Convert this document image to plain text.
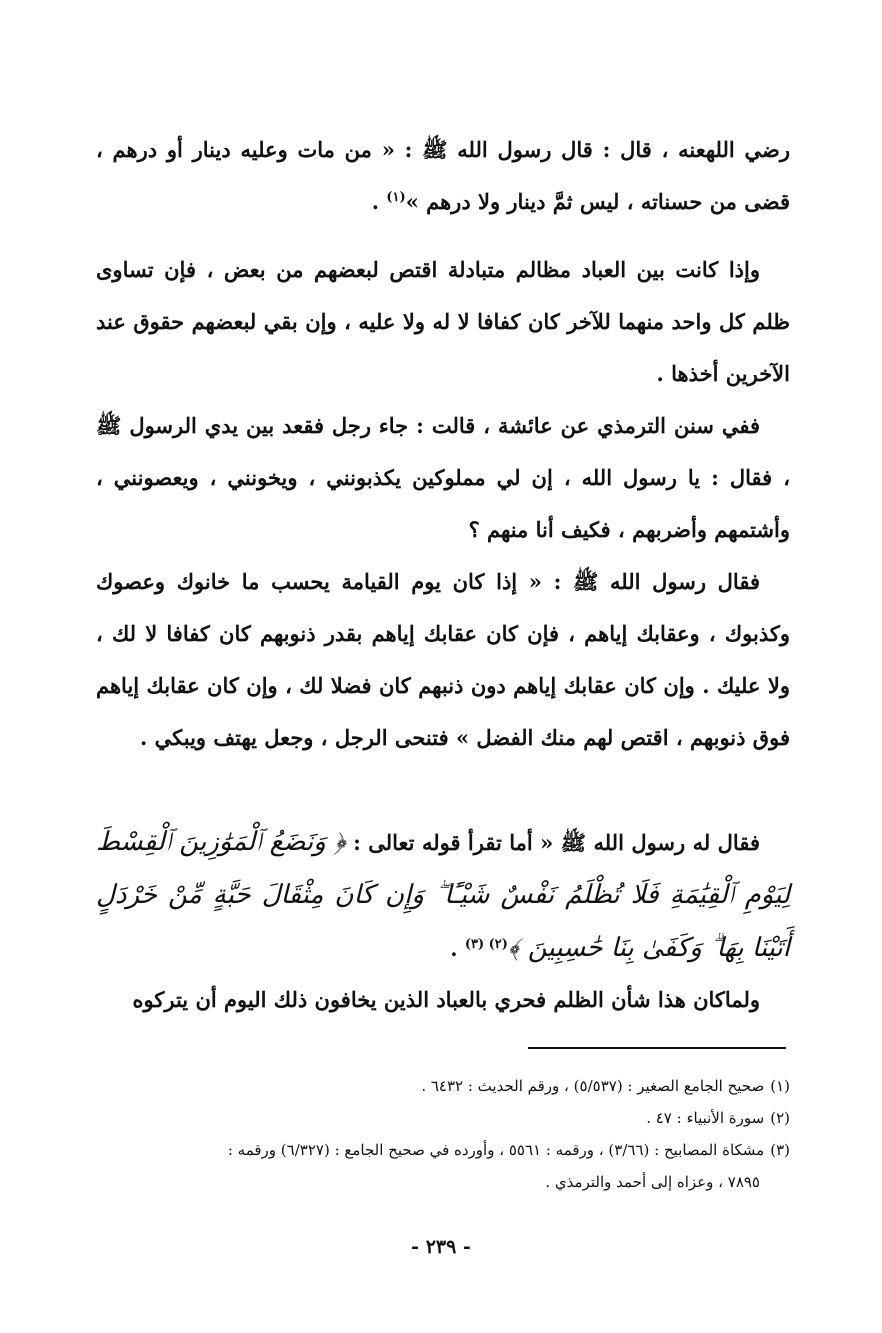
رضي اللهعنه ، قال : قال رسول الله ﷺ : « من مات وعليه دينار أو درهم ، قضى من حسناته ، ليس ثمَّ دينار ولا درهم »$^{(١)}$ .

وإذا كانت بين العباد مظالم متبادلة اقتص لبعضهم من بعض ، فإن تساوى ظلم كل واحد منهما للآخر كان كفافا لا له ولا عليه ، وإن بقي لبعضهم حقوق عند الآخرين أخذها .

ففي سنن الترمذي عن عائشة ، قالت : جاء رجل فقعد بين يدي الرسول ﷺ ، فقال : يا رسول الله ، إن لي مملوكين يكذبونني ، ويخونني ، ويعصونني ، وأشتمهم وأضربهم ، فكيف أنا منهم ؟

فقال رسول الله ﷺ : « إذا كان يوم القيامة يحسب ما خانوك وعصوك وكذبوك ، وعقابك إياهم ، فإن كان عقابك إياهم بقدر ذنوبهم كان كفافا لا لك ، ولا عليك . وإن كان عقابك إياهم دون ذنبهم كان فضلا لك ، وإن كان عقابك إياهم فوق ذنوبهم ، اقتص لهم منك الفضل » فتنحى الرجل ، وجعل يهتف ويبكي .

فقال له رسول الله ﷺ « أما تقرأ قوله تعالى : ﴿ وَنَضَعُ ٱلْمَوَٰزِينَ ٱلْقِسْطَ لِيَوْمِ ٱلْقِيَٰمَةِ فَلَا تُظْلَمُ نَفْسٌ شَيْـًٔا ۖ وَإِن كَانَ مِثْقَالَ حَبَّةٍ مِّنْ خَرْدَلٍ أَتَيْنَا بِهَا ۗ وَكَفَىٰ بِنَا حَٰسِبِينَ ﴾$^{(٢) (٣)}$ .

ولماكان هذا شأن الظلم فحري بالعباد الذين يخافون ذلك اليوم أن يتركوه

(١)صحيح الجامع الصغير : (٥/٥٣٧) ، ورقم الحديث : ٦٤٣٢ .

(٢)سورة الأنبياء : ٤٧ .

(٣)مشكاة المصابيح : (٣/٦٦) ، ورقمه : ٥٥٦١ ، وأورده في صحيح الجامع : (٦/٣٢٧) ورقمه :
٧٨٩٥ ، وعزاه إلى أحمد والترمذي .

- ٢٣٩ -
